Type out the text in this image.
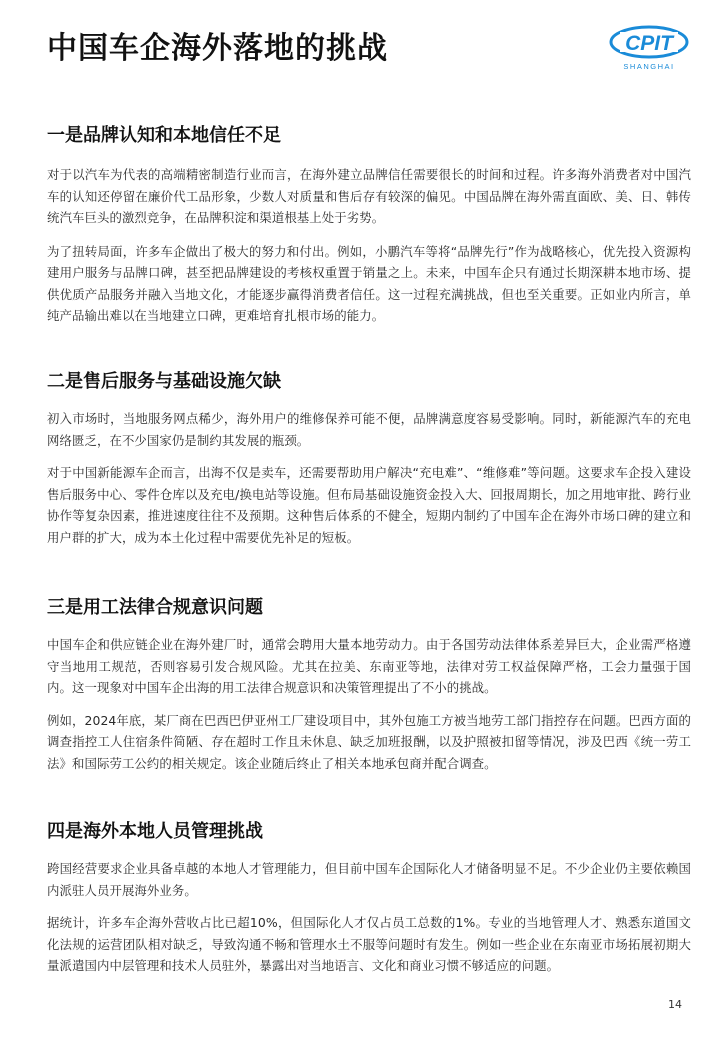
中国车企海外落地的挑战	CPIT
SHANGHAI
一是品牌认知和本地信任不足

对于以汽车为代表的高端精密制造行业而言，在海外建立品牌信任需要很长的时间和过程。许多海外消费者对中国汽车的认知还停留在廉价代工品形象，少数人对质量和售后存有较深的偏见。中国品牌在海外需直面欧、美、日、韩传统汽车巨头的激烈竞争，在品牌积淀和渠道根基上处于劣势。

为了扭转局面，许多车企做出了极大的努力和付出。例如，小鹏汽车等将“品牌先行”作为战略核心，优先投入资源构建用户服务与品牌口碑，甚至把品牌建设的考核权重置于销量之上。未来，中国车企只有通过长期深耕本地市场、提供优质产品服务并融入当地文化，才能逐步赢得消费者信任。这一过程充满挑战，但也至关重要。正如业内所言，单纯产品输出难以在当地建立口碑，更难培育扎根市场的能力。

二是售后服务与基础设施欠缺

初入市场时，当地服务网点稀少，海外用户的维修保养可能不便，品牌满意度容易受影响。同时，新能源汽车的充电网络匮乏，在不少国家仍是制约其发展的瓶颈。

对于中国新能源车企而言，出海不仅是卖车，还需要帮助用户解决“充电难”、“维修难”等问题。这要求车企投入建设售后服务中心、零件仓库以及充电/换电站等设施。但布局基础设施资金投入大、回报周期长，加之用地审批、跨行业协作等复杂因素，推进速度往往不及预期。这种售后体系的不健全，短期内制约了中国车企在海外市场口碑的建立和用户群的扩大，成为本土化过程中需要优先补足的短板。

三是用工法律合规意识问题

中国车企和供应链企业在海外建厂时，通常会聘用大量本地劳动力。由于各国劳动法律体系差异巨大，企业需严格遵守当地用工规范，否则容易引发合规风险。尤其在拉美、东南亚等地，法律对劳工权益保障严格，工会力量强于国内。这一现象对中国车企出海的用工法律合规意识和决策管理提出了不小的挑战。

例如，2024年底，某厂商在巴西巴伊亚州工厂建设项目中，其外包施工方被当地劳工部门指控存在问题。巴西方面的调查指控工人住宿条件简陋、存在超时工作且未休息、缺乏加班报酬，以及护照被扣留等情况，涉及巴西《统一劳工法》和国际劳工公约的相关规定。该企业随后终止了相关本地承包商并配合调查。

四是海外本地人员管理挑战

跨国经营要求企业具备卓越的本地人才管理能力，但目前中国车企国际化人才储备明显不足。不少企业仍主要依赖国内派驻人员开展海外业务。

据统计，许多车企海外营收占比已超10%，但国际化人才仅占员工总数的1%。专业的当地管理人才、熟悉东道国文化法规的运营团队相对缺乏，导致沟通不畅和管理水土不服等问题时有发生。例如一些企业在东南亚市场拓展初期大量派遣国内中层管理和技术人员驻外，暴露出对当地语言、文化和商业习惯不够适应的问题。

14
